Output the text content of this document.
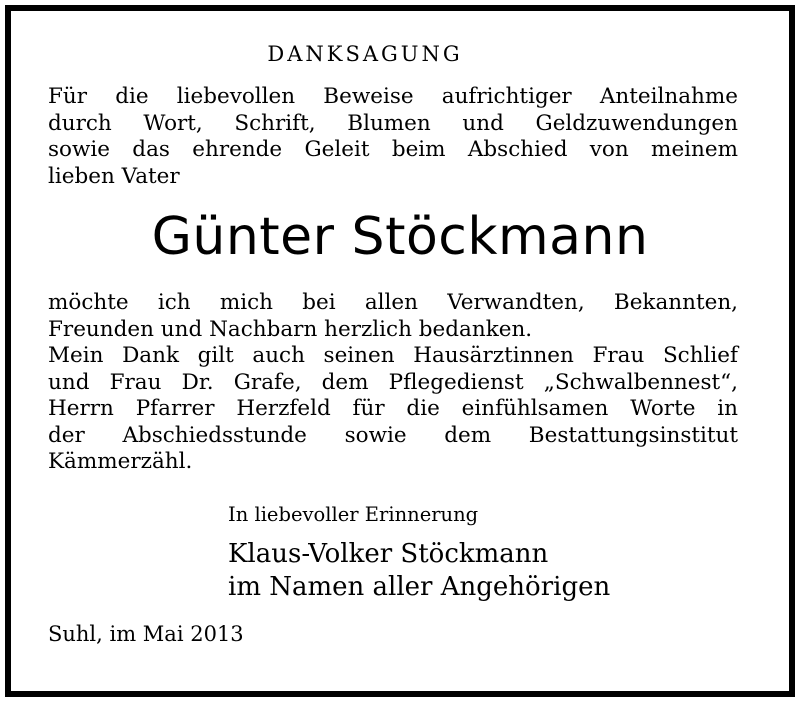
DANKSAGUNG
Für die liebevollen Beweise aufrichtiger Anteilnahme
durch Wort, Schrift, Blumen und Geldzuwendungen
sowie das ehrende Geleit beim Abschied von meinem
lieben Vater
Günter Stöckmann
möchte ich mich bei allen Verwandten, Bekannten,
Freunden und Nachbarn herzlich bedanken.
Mein Dank gilt auch seinen Hausärztinnen Frau Schlief
und Frau Dr. Grafe, dem Pflegedienst „Schwalbennest“,
Herrn Pfarrer Herzfeld für die einfühlsamen Worte in
der Abschiedsstunde sowie dem Bestattungsinstitut
Kämmerzähl.
In liebevoller Erinnerung
Klaus-Volker Stöckmann
im Namen aller Angehörigen
Suhl, im Mai 2013
